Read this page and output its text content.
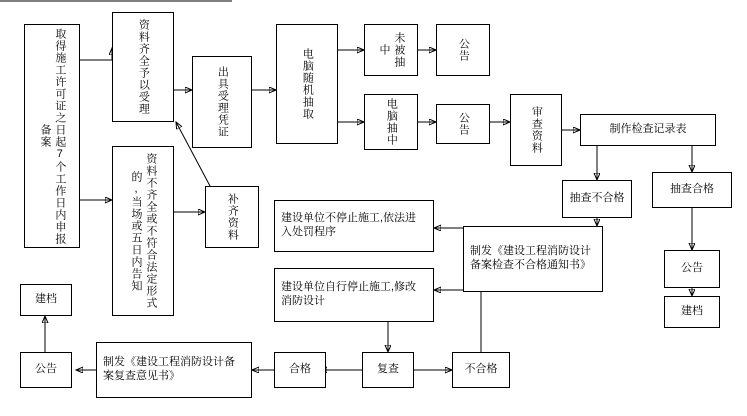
取得施工许可证之日起7个工作日内申报备案
资料齐全予以受理
资料不齐全或不符合法定形式的,当场或五日内告知
出具受理凭证
补齐资料
电脑随机抽取	未被抽中	公告
电脑抽中	公告	审查资料	制作检查记录表
抽查不合格
抽查合格
公告
建档
建设单位不停止施工,依法进入处罚程序
制发《建设工程消防设计备案检查不合格通知书》
建设单位自行停止施工,修改消防设计
建档
公告
制发《建设工程消防设计备案复查意见书》
合格	复查	不合格
